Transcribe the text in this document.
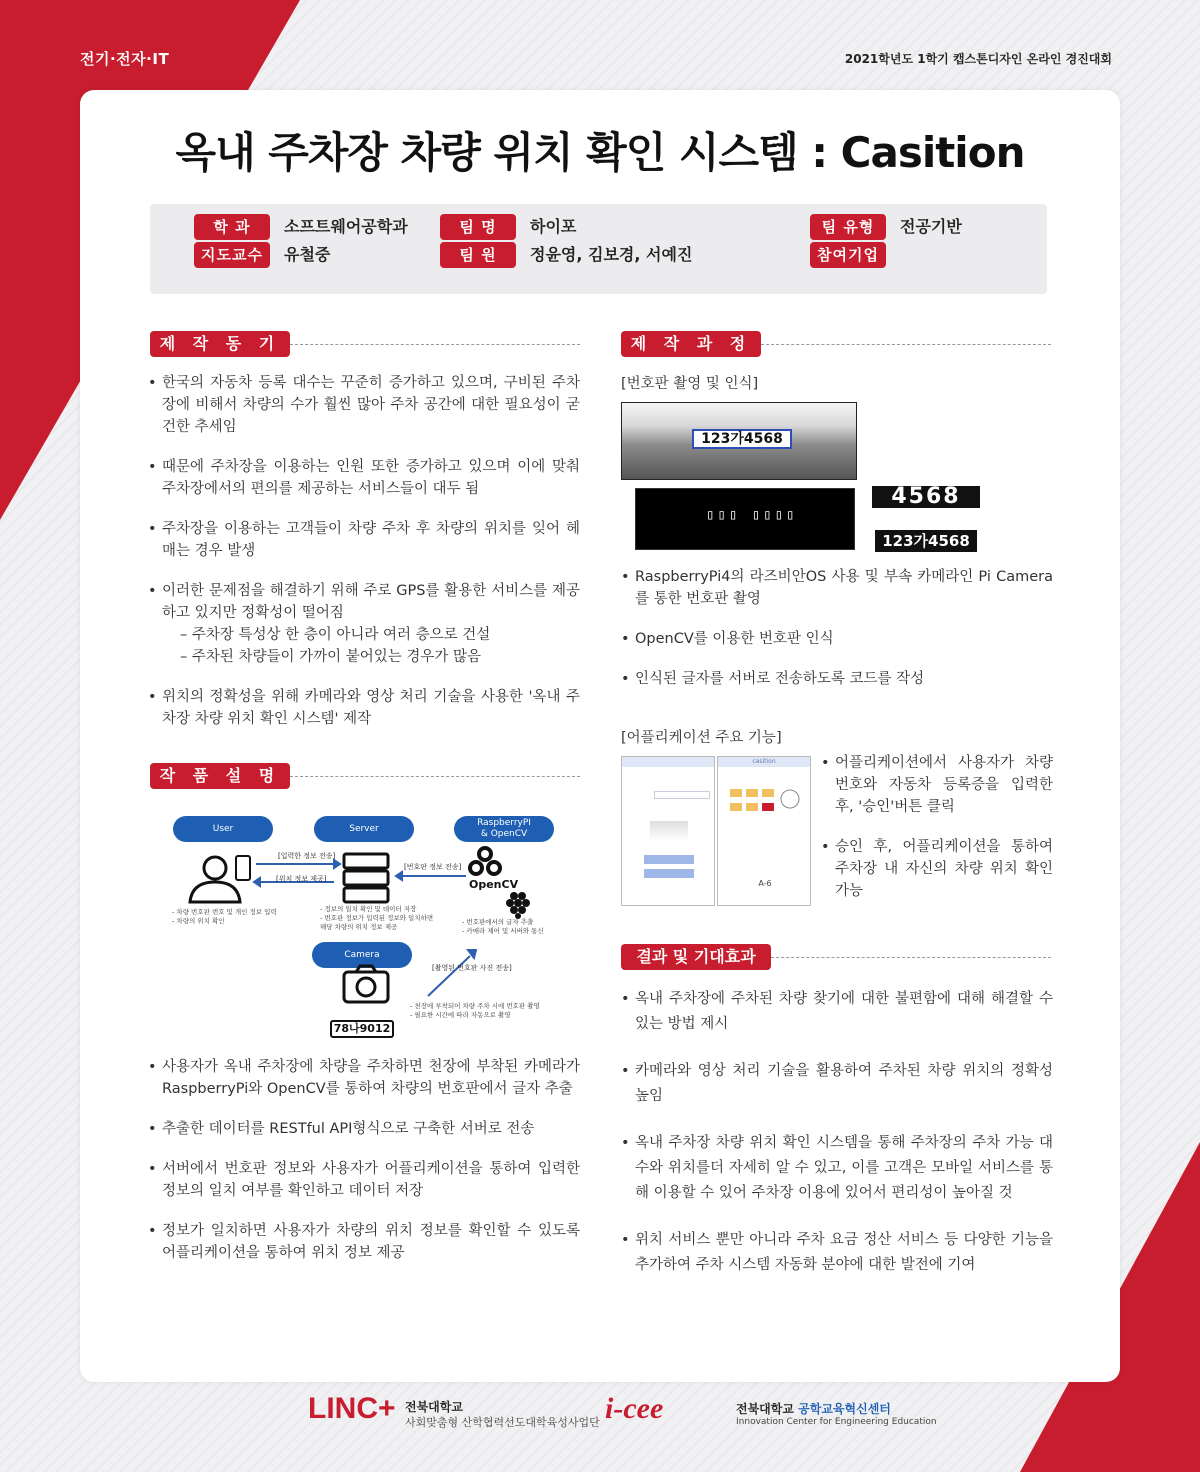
전기·전자·IT	2021학년도 1학기 캡스톤디자인 온라인 경진대회
옥내 주차장 차량 위치 확인 시스템 : Casition
학 과	소프트웨어공학과
지도교수	유철중
팀 명	하이포
팀 원	정윤영, 김보경, 서예진
팀 유형	전공기반
참여기업
제 작 동 기
• 한국의 자동차 등록 대수는 꾸준히 증가하고 있으며, 구비된 주차장에 비해서 차량의 수가 훨씬 많아 주차 공간에 대한 필요성이 굳건한 추세임
• 때문에 주차장을 이용하는 인원 또한 증가하고 있으며 이에 맞춰 주차장에서의 편의를 제공하는 서비스들이 대두 됨
• 주차장을 이용하는 고객들이 차량 주차 후 차량의 위치를 잊어 헤매는 경우 발생
• 이러한 문제점을 해결하기 위해 주로 GPS를 활용한 서비스를 제공하고 있지만 정확성이 떨어짐
– 주차장 특성상 한 층이 아니라 여러 층으로 건설
– 주차된 차량들이 가까이 붙어있는 경우가 많음
• 위치의 정확성을 위해 카메라와 영상 처리 기술을 사용한 '옥내 주차장 차량 위치 확인 시스템' 제작
작 품 설 명
User	Server
RaspberryPI
& OpenCV
Camera
[입력한 정보 전송]
[위치 정보 제공]
[번호판 정보 전송]
[촬영된 번호판 사진 전송]
OpenCV
- 차량 번호판 번호 및 개인 정보 입력
- 차량의 위치 확인
- 정보의 일치 확인 및 데이터 저장
- 번호판 정보가 입력된 정보와 일치하면
해당 차량의 위치 정보 제공
- 번호판에서의 글자 추출
- 카메라 제어 및 서버와 통신
- 천장에 부착되어 차량 주차 시에 번호판 촬영
- 필요한 시간에 따라 자동으로 촬영
78나9012
• 사용자가 옥내 주차장에 차량을 주차하면 천장에 부착된 카메라가 RaspberryPi와 OpenCV를 통하여 차량의 번호판에서 글자 추출
• 추출한 데이터를 RESTful API형식으로 구축한 서버로 전송
• 서버에서 번호판 정보와 사용자가 어플리케이션을 통하여 입력한 정보의 일치 여부를 확인하고 데이터 저장
• 정보가 일치하면 사용자가 차량의 위치 정보를 확인할 수 있도록 어플리케이션을 통하여 위치 정보 제공
제 작 과 정
[번호판 촬영 및 인식]
123가4568
▯▯▯ ▯▯▯▯
4568
123가4568
• RaspberryPi4의 라즈비안OS 사용 및 부속 카메라인 Pi Camera를 통한 번호판 촬영
• OpenCV를 이용한 번호판 인식
• 인식된 글자를 서버로 전송하도록 코드를 작성
[어플리케이션 주요 기능]
casition
A-6
• 어플리케이션에서 사용자가 차량 번호와 자동차 등록증을 입력한 후, '승인'버튼 클릭
• 승인 후, 어플리케이션을 통하여 주차장 내 자신의 차량 위치 확인 가능
결과 및 기대효과
• 옥내 주차장에 주차된 차량 찾기에 대한 불편함에 대해 해결할 수 있는 방법 제시
• 카메라와 영상 처리 기술을 활용하여 주차된 차량 위치의 정확성 높임
• 옥내 주차장 차량 위치 확인 시스템을 통해 주차장의 주차 가능 대수와 위치를더 자세히 알 수 있고, 이를 고객은 모바일 서비스를 통해 이용할 수 있어 주차장 이용에 있어서 편리성이 높아질 것
• 위치 서비스 뿐만 아니라 주차 요금 정산 서비스 등 다양한 기능을 추가하여 주차 시스템 자동화 분야에 대한 발전에 기여
LINC+ 전북대학교
사회맞춤형 산학협력선도대학육성사업단 i-cee	전북대학교 공학교육혁신센터
Innovation Center for Engineering Education
